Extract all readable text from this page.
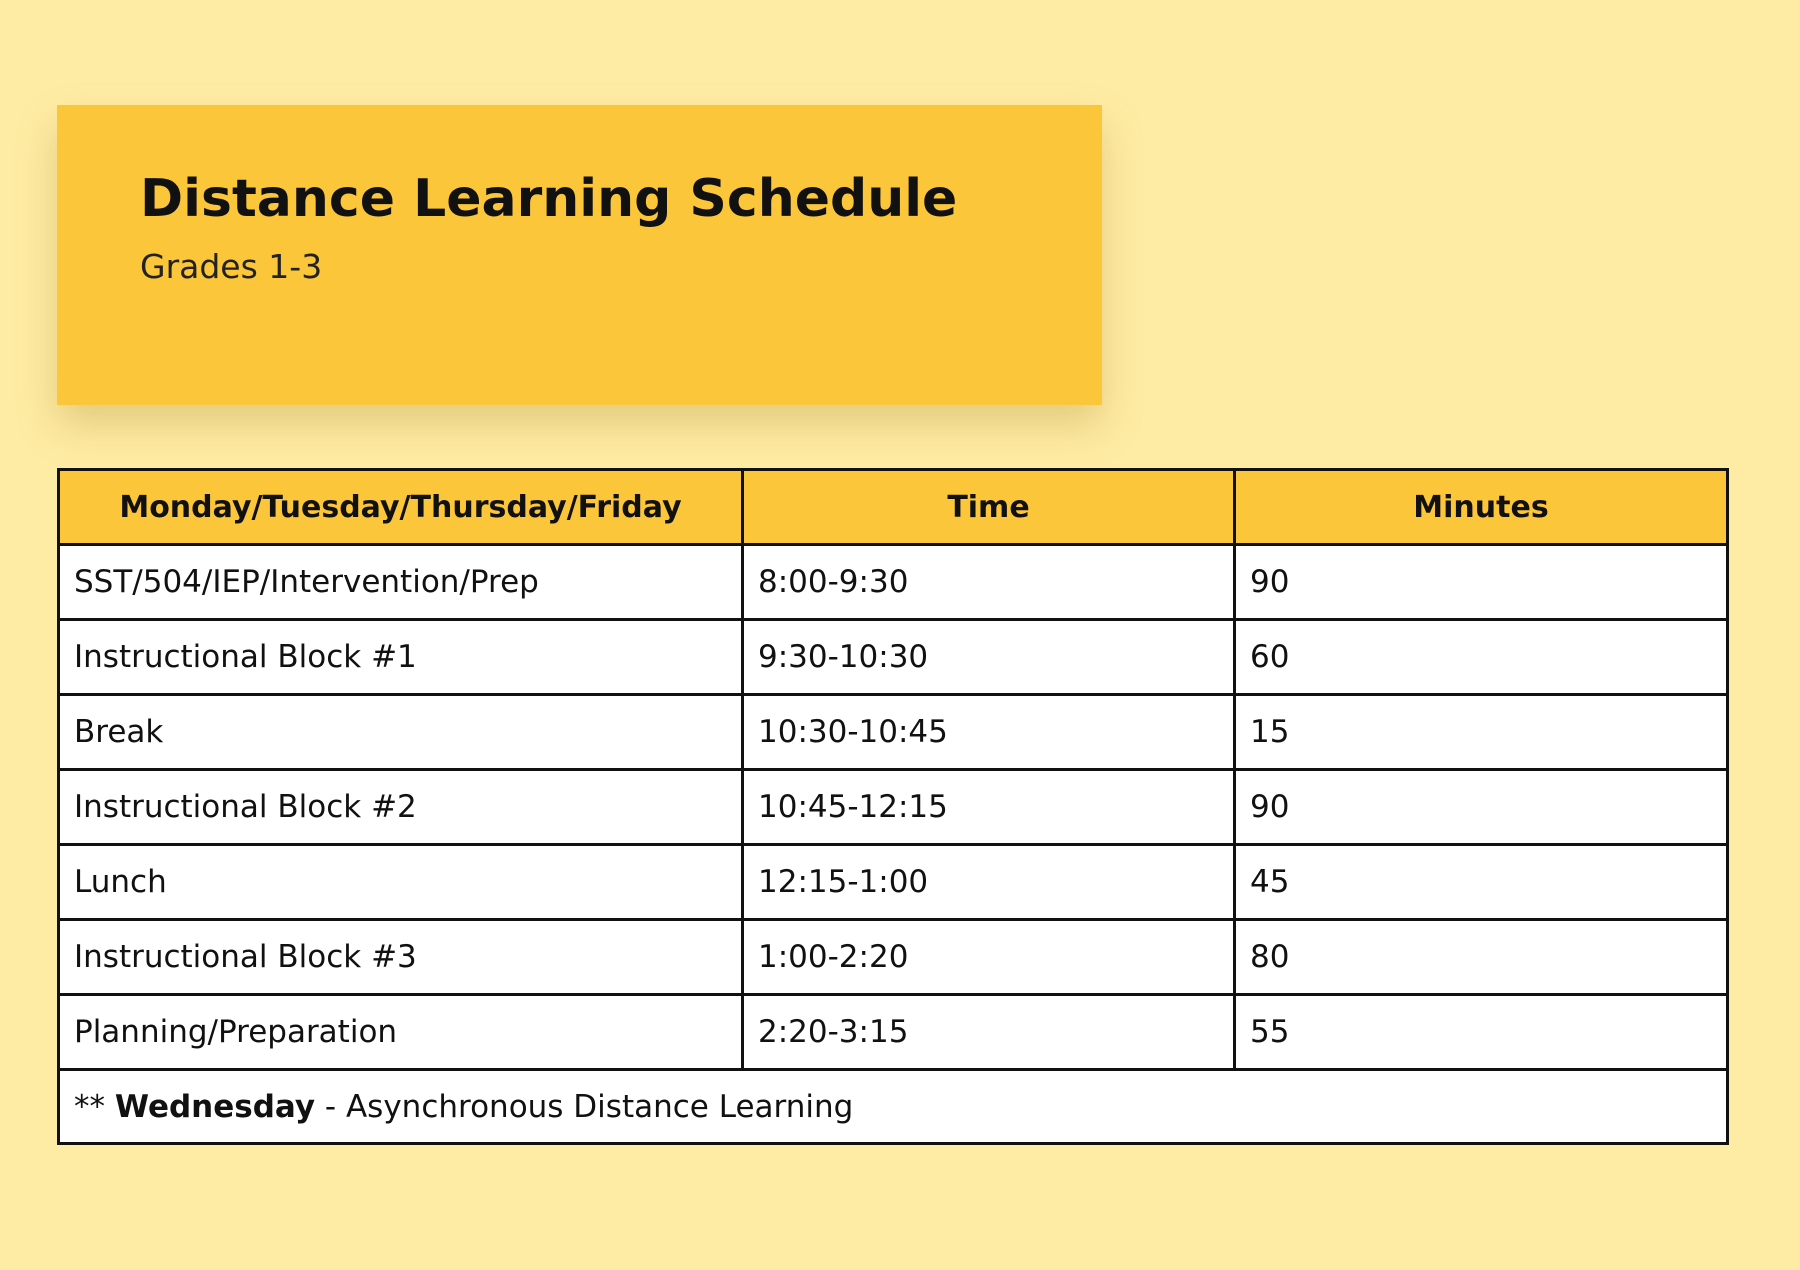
Distance Learning Schedule

Grades 1-3

Monday/Tuesday/Thursday/Friday	Time	Minutes
SST/504/IEP/Intervention/Prep	8:00-9:30	90
Instructional Block #1	9:30-10:30	60
Break	10:30-10:45	15
Instructional Block #2	10:45-12:15	90
Lunch	12:15-1:00	45
Instructional Block #3	1:00-2:20	80
Planning/Preparation	2:20-3:15	55
** Wednesday - Asynchronous Distance Learning		
